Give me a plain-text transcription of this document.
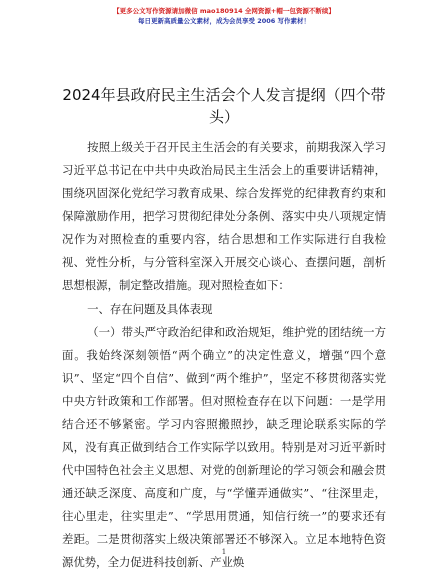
【更多公文写作资源请加微信 mao180914 全网资源+帽一包资源不断续】
每日更新高质量公文素材，成为会员享受 2006 写作素材！
2024年县政府民主生活会个人发言提纲（四个带头）

按照上级关于召开民主生活会的有关要求，前期我深入学习习近平总书记在中共中央政治局民主生活会上的重要讲话精神，围绕巩固深化党纪学习教育成果、综合发挥党的纪律教育约束和保障激励作用，把学习贯彻纪律处分条例、落实中央八项规定情况作为对照检查的重要内容，结合思想和工作实际进行自我检视、党性分析，与分管科室深入开展交心谈心、查摆问题，剖析思想根源，制定整改措施。现对照检查如下：

一、存在问题及具体表现

（一）带头严守政治纪律和政治规矩，维护党的团结统一方面。我始终深刻领悟“两个确立”的决定性意义，增强“四个意识”、坚定“四个自信”、做到“两个维护”，坚定不移贯彻落实党中央方针政策和工作部署。但对照检查存在以下问题：一是学用结合还不够紧密。学习内容照搬照抄，缺乏理论联系实际的学风，没有真正做到结合工作实际学以致用。特别是对习近平新时代中国特色社会主义思想、对党的创新理论的学习领会和融会贯通还缺乏深度、高度和广度，与“学懂弄通做实”、“往深里走，往心里走，往实里走”、“学思用贯通，知信行统一”的要求还有差距。二是贯彻落实上级决策部署还不够深入。立足本地特色资源优势，全力促进科技创新、产业焕

1
